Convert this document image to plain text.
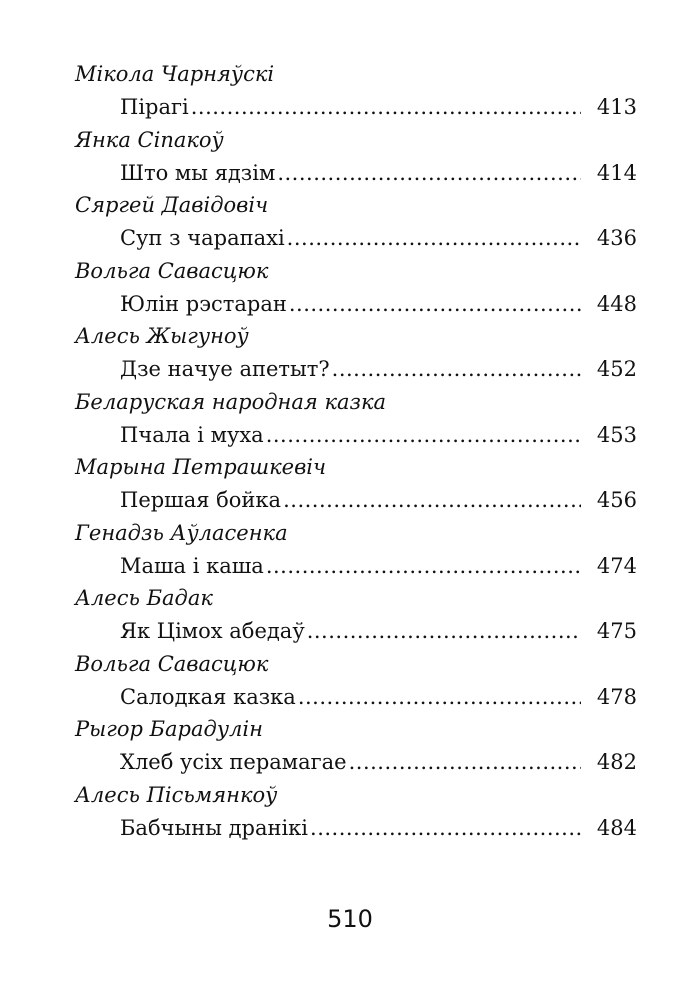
Мікола Чарняўскі
Пірагі .....	413
Янка Сіпакоў
Што мы ядзім .....	414
Сяргей Давідовіч
Суп з чарапахі .....	436
Вольга Савасцюк
Юлін рэстаран .....	448
Алесь Жыгуноў
Дзе начуе апетыт? .....	452
Беларуская народная казка
Пчала і муха .....	453
Марына Петрашкевіч
Першая бойка .....	456
Генадзь Аўласенка
Маша і каша .....	474
Алесь Бадак
Як Цімох абедаў .....	475
Вольга Савасцюк
Салодкая казка .....	478
Рыгор Барадулін
Хлеб усіх перамагае .....	482
Алесь Пісьмянкоў
Бабчыны дранікі .....	484
510
